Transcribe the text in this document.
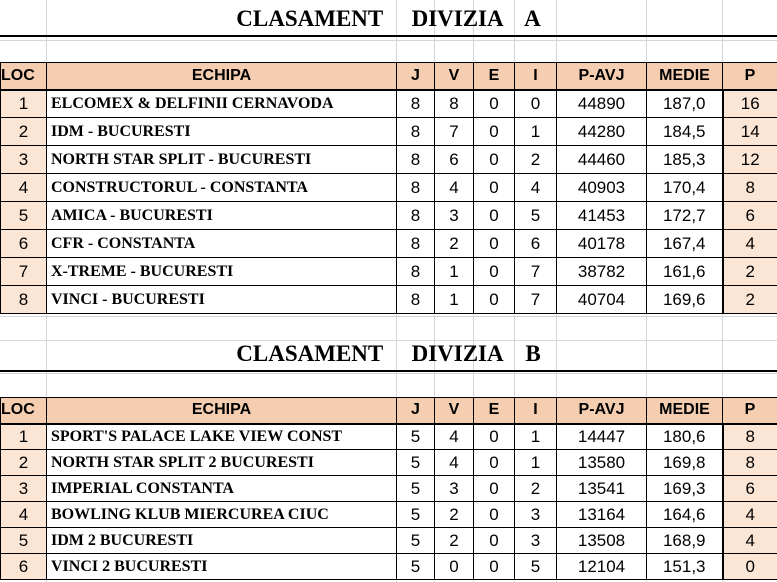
CLASAMENT     DIVIZIA    A
LOC	ECHIPA	J	V	E	I	P-AVJ	MEDIE	P
1	ELCOMEX & DELFINII CERNAVODA	8	8	0	0	44890	187,0	16
2	IDM - BUCURESTI	8	7	0	1	44280	184,5	14
3	NORTH STAR SPLIT - BUCURESTI	8	6	0	2	44460	185,3	12
4	CONSTRUCTORUL - CONSTANTA	8	4	0	4	40903	170,4	8
5	AMICA - BUCURESTI	8	3	0	5	41453	172,7	6
6	CFR - CONSTANTA	8	2	0	6	40178	167,4	4
7	X-TREME - BUCURESTI	8	1	0	7	38782	161,6	2
8	VINCI - BUCURESTI	8	1	0	7	40704	169,6	2
CLASAMENT     DIVIZIA    B
LOC	ECHIPA	J	V	E	I	P-AVJ	MEDIE	P
1	SPORT'S PALACE LAKE VIEW CONST	5	4	0	1	14447	180,6	8
2	NORTH STAR SPLIT 2 BUCURESTI	5	4	0	1	13580	169,8	8
3	IMPERIAL CONSTANTA	5	3	0	2	13541	169,3	6
4	BOWLING KLUB MIERCUREA CIUC	5	2	0	3	13164	164,6	4
5	IDM 2 BUCURESTI	5	2	0	3	13508	168,9	4
6	VINCI 2 BUCURESTI	5	0	0	5	12104	151,3	0
